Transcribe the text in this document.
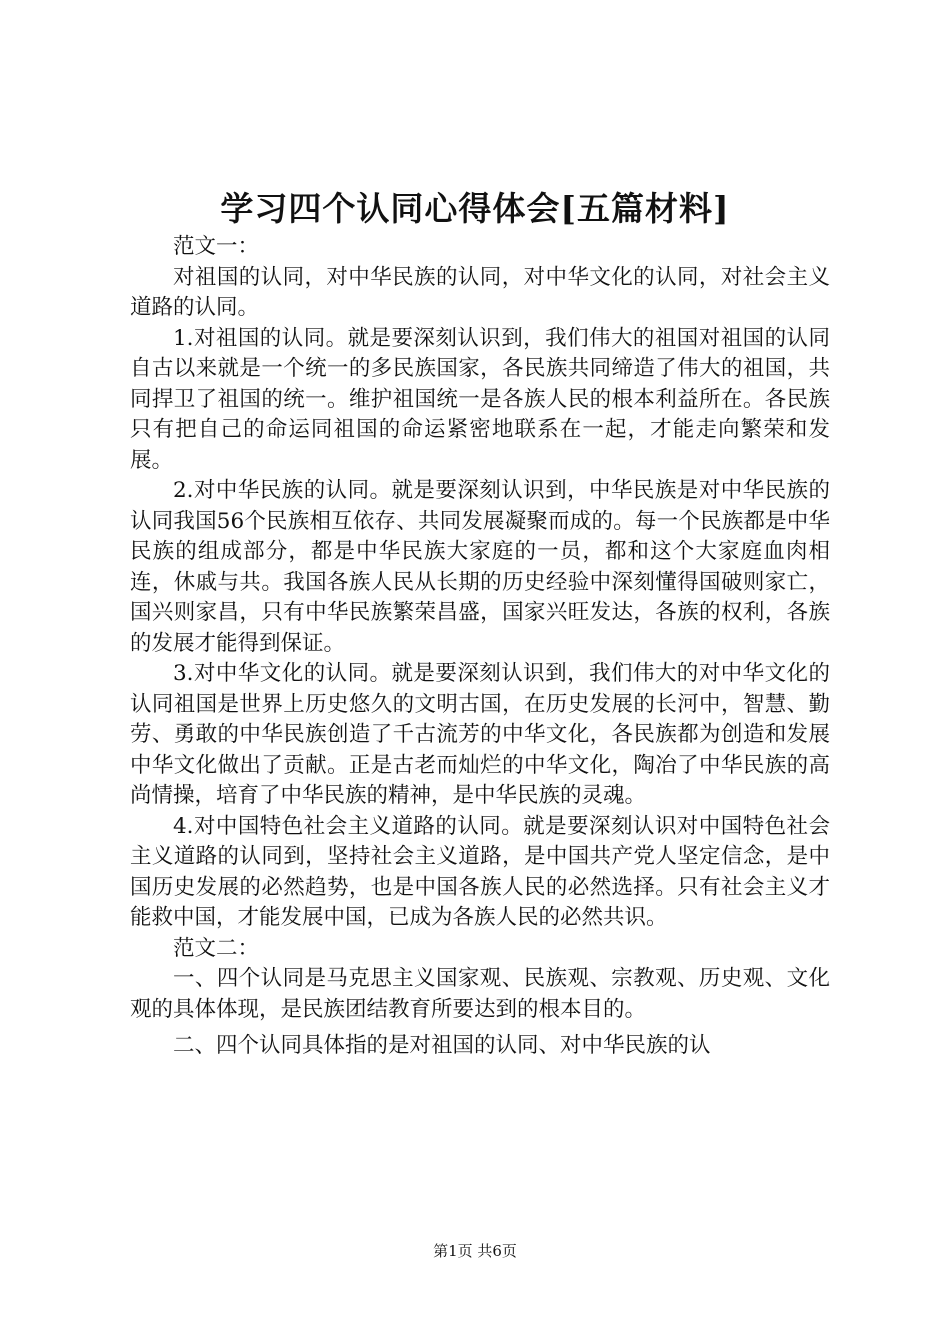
学习四个认同心得体会[五篇材料]

范文一：

对祖国的认同，对中华民族的认同，对中华文化的认同，对社会主义道路的认同。

1.对祖国的认同。就是要深刻认识到，我们伟大的祖国对祖国的认同自古以来就是一个统一的多民族国家，各民族共同缔造了伟大的祖国，共同捍卫了祖国的统一。维护祖国统一是各族人民的根本利益所在。各民族只有把自己的命运同祖国的命运紧密地联系在一起，才能走向繁荣和发展。

2.对中华民族的认同。就是要深刻认识到，中华民族是对中华民族的认同我国56个民族相互依存、共同发展凝聚而成的。每一个民族都是中华民族的组成部分，都是中华民族大家庭的一员，都和这个大家庭血肉相连，休戚与共。我国各族人民从长期的历史经验中深刻懂得国破则家亡，国兴则家昌，只有中华民族繁荣昌盛，国家兴旺发达，各族的权利，各族的发展才能得到保证。

3.对中华文化的认同。就是要深刻认识到，我们伟大的对中华文化的认同祖国是世界上历史悠久的文明古国，在历史发展的长河中，智慧、勤劳、勇敢的中华民族创造了千古流芳的中华文化，各民族都为创造和发展中华文化做出了贡献。正是古老而灿烂的中华文化，陶冶了中华民族的高尚情操，培育了中华民族的精神，是中华民族的灵魂。

4.对中国特色社会主义道路的认同。就是要深刻认识对中国特色社会主义道路的认同到，坚持社会主义道路，是中国共产党人坚定信念，是中国历史发展的必然趋势，也是中国各族人民的必然选择。只有社会主义才能救中国，才能发展中国，已成为各族人民的必然共识。

范文二：

一、四个认同是马克思主义国家观、民族观、宗教观、历史观、文化观的具体体现，是民族团结教育所要达到的根本目的。

二、四个认同具体指的是对祖国的认同、对中华民族的认

第1页 共6页
